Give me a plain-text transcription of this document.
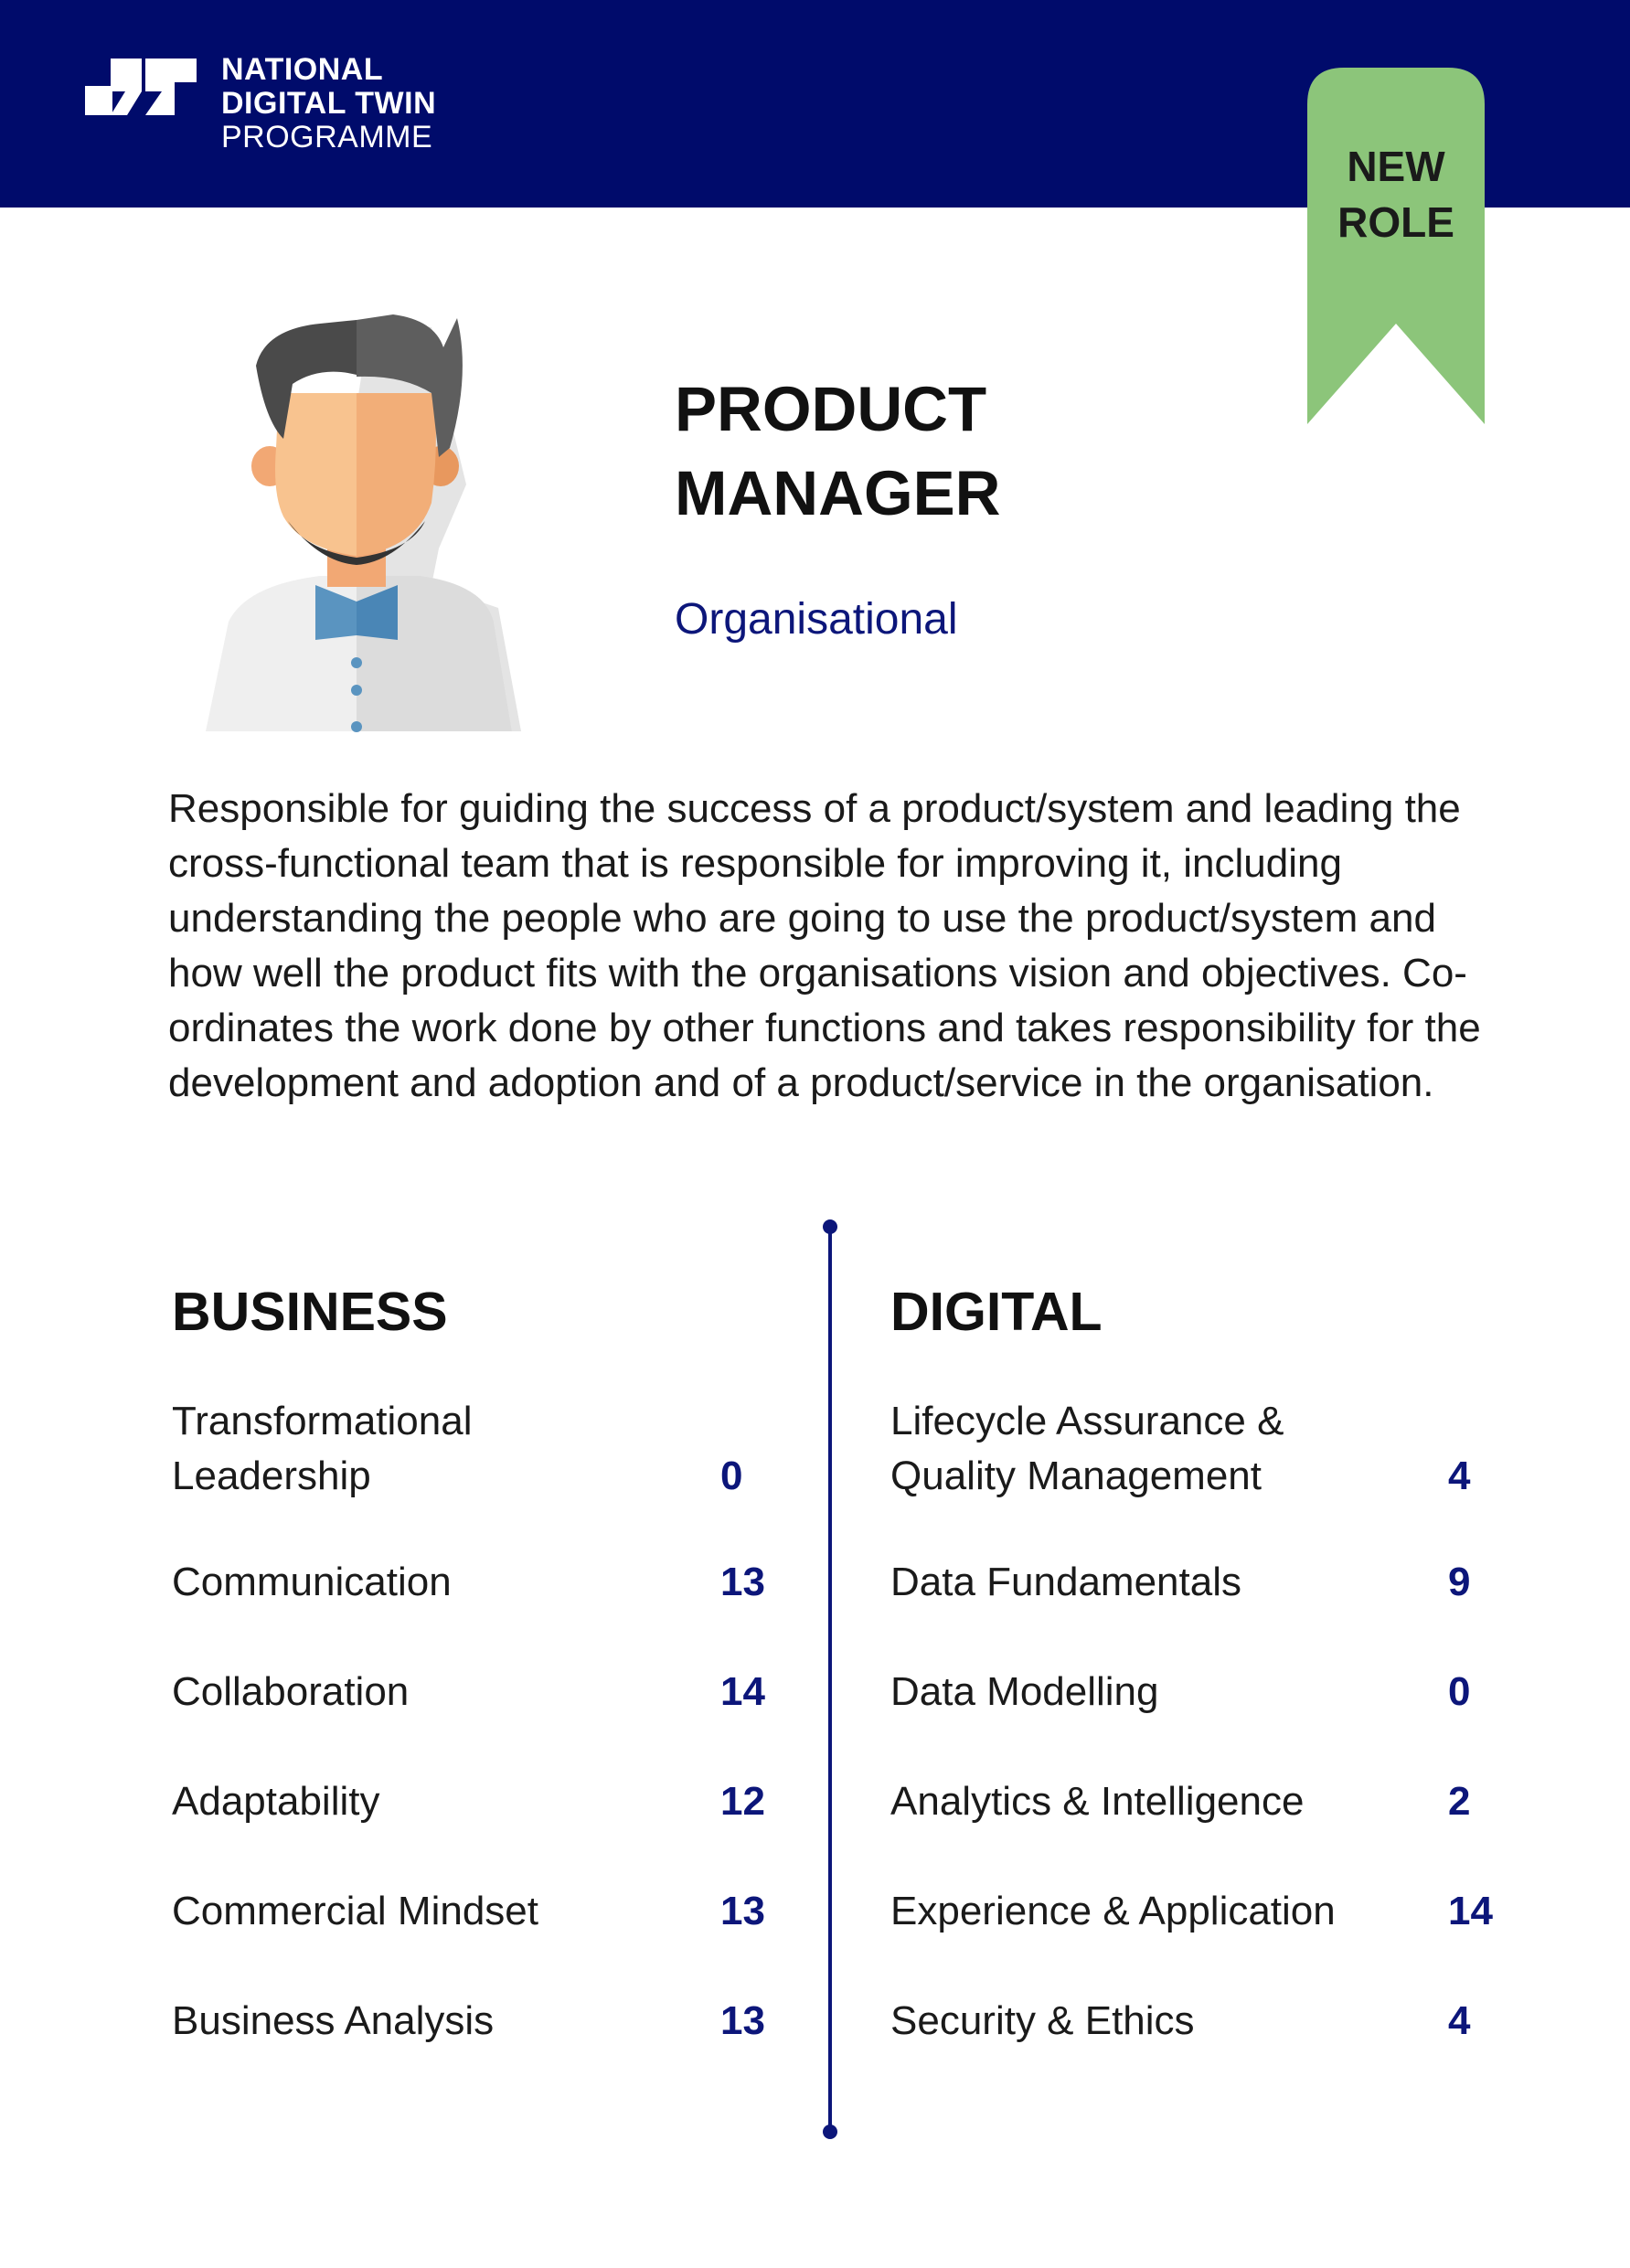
NATIONAL
DIGITAL TWIN
PROGRAMME
NEW
ROLE
PRODUCT
MANAGER
Organisational
Responsible for guiding the success of a product/system and leading the cross-functional team that is responsible for improving it, including understanding the people who are going to use the product/system and how well the product fits with the organisations vision and objectives. Co-ordinates the work done by other functions and takes responsibility for the development and adoption and of a product/service in the organisation.
BUSINESS
Transformational Leadership	0
Communication	13
Collaboration	14
Adaptability	12
Commercial Mindset	13
Business Analysis	13
DIGITAL
Lifecycle Assurance & Quality Management	4
Data Fundamentals	9
Data Modelling	0
Analytics & Intelligence	2
Experience & Application	14
Security & Ethics	4
